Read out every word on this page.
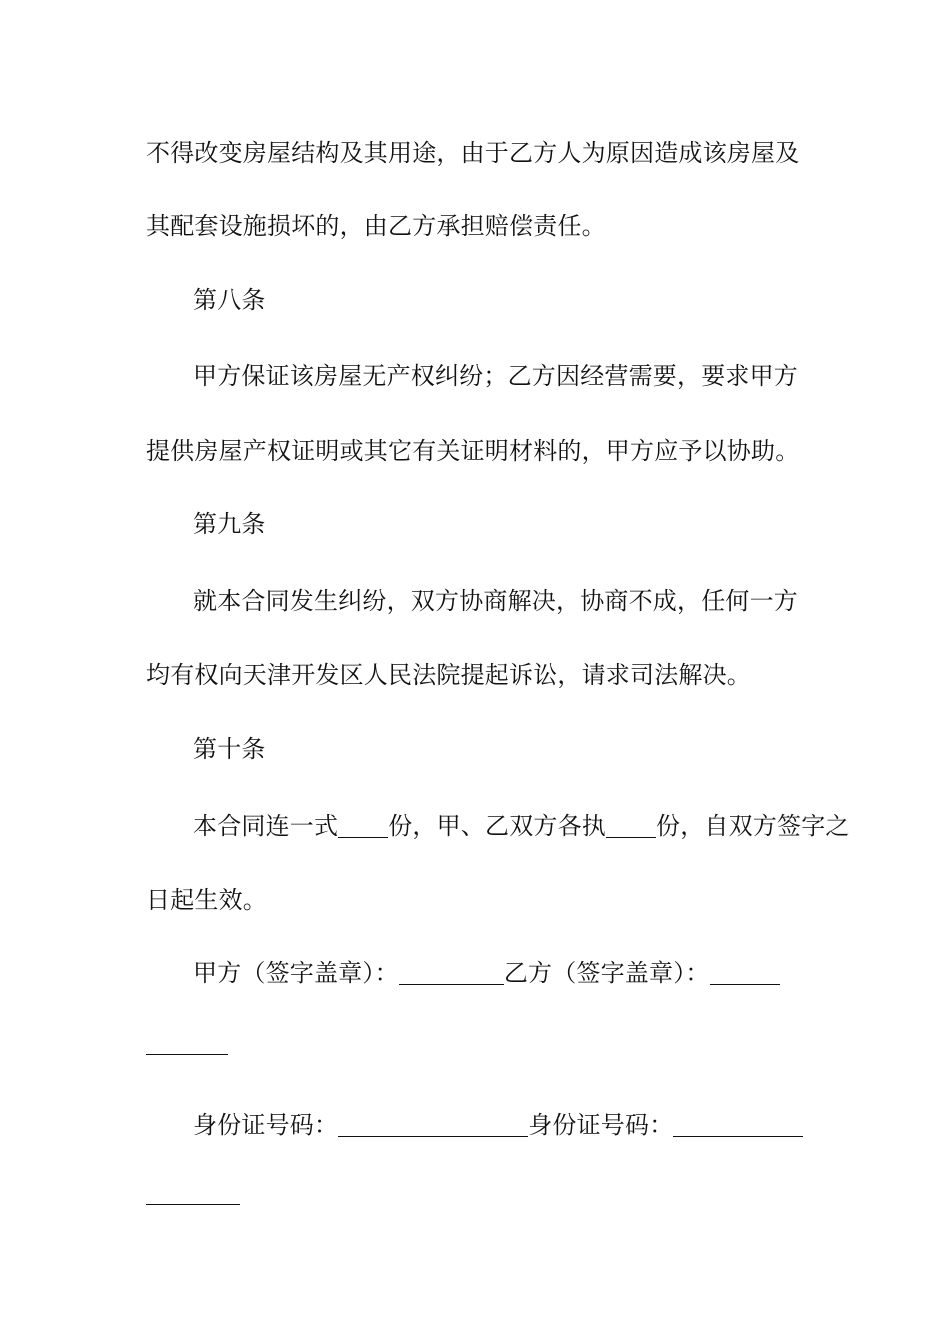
不得改变房屋结构及其用途，由于乙方人为原因造成该房屋及
其配套设施损坏的，由乙方承担赔偿责任。
第八条
甲方保证该房屋无产权纠纷；乙方因经营需要，要求甲方
提供房屋产权证明或其它有关证明材料的，甲方应予以协助。
第九条
就本合同发生纠纷，双方协商解决，协商不成，任何一方
均有权向天津开发区人民法院提起诉讼，请求司法解决。
第十条
本合同连一式 份，甲、乙双方各执 份，自双方签字之
日起生效。
甲方（签字盖章）：	乙方（签字盖章）：
身份证号码：	身份证号码：
